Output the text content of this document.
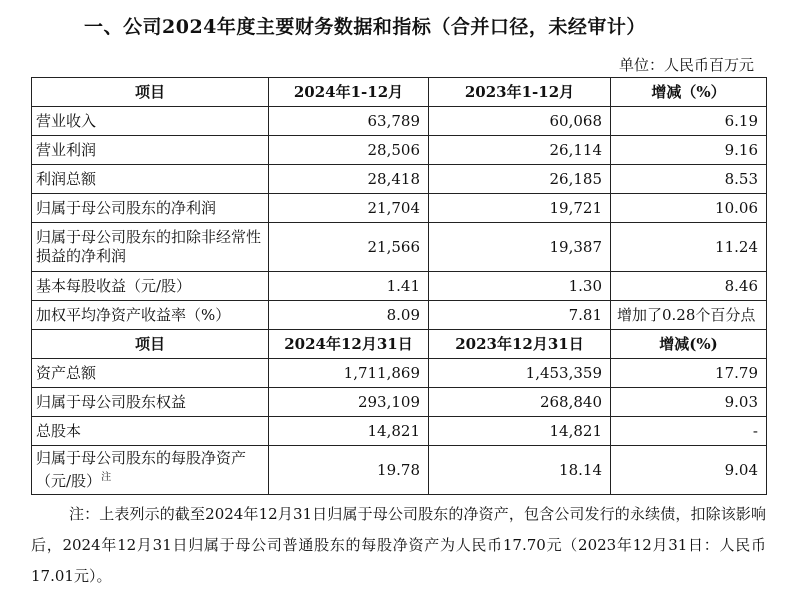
一、公司2024年度主要财务数据和指标（合并口径，未经审计）
单位：人民币百万元
项目	2024年1-12月	2023年1-12月	增减（%）
营业收入	63,789	60,068	6.19
营业利润	28,506	26,114	9.16
利润总额	28,418	26,185	8.53
归属于母公司股东的净利润	21,704	19,721	10.06
归属于母公司股东的扣除非经常性损益的净利润	21,566	19,387	11.24
基本每股收益（元/股）	1.41	1.30	8.46
加权平均净资产收益率（%）	8.09	7.81	增加了0.28个百分点
项目	2024年12月31日	2023年12月31日	增减(%)
资产总额	1,711,869	1,453,359	17.79
归属于母公司股东权益	293,109	268,840	9.03
总股本	14,821	14,821	-
归属于母公司股东的每股净资产（元/股）$^注$	19.78	18.14	9.04
注：上表列示的截至2024年12月31日归属于母公司股东的净资产，包含公司发行的永续债，扣除该影响后，2024年12月31日归属于母公司普通股东的每股净资产为人民币17.70元（2023年12月31日：人民币17.01元）。
